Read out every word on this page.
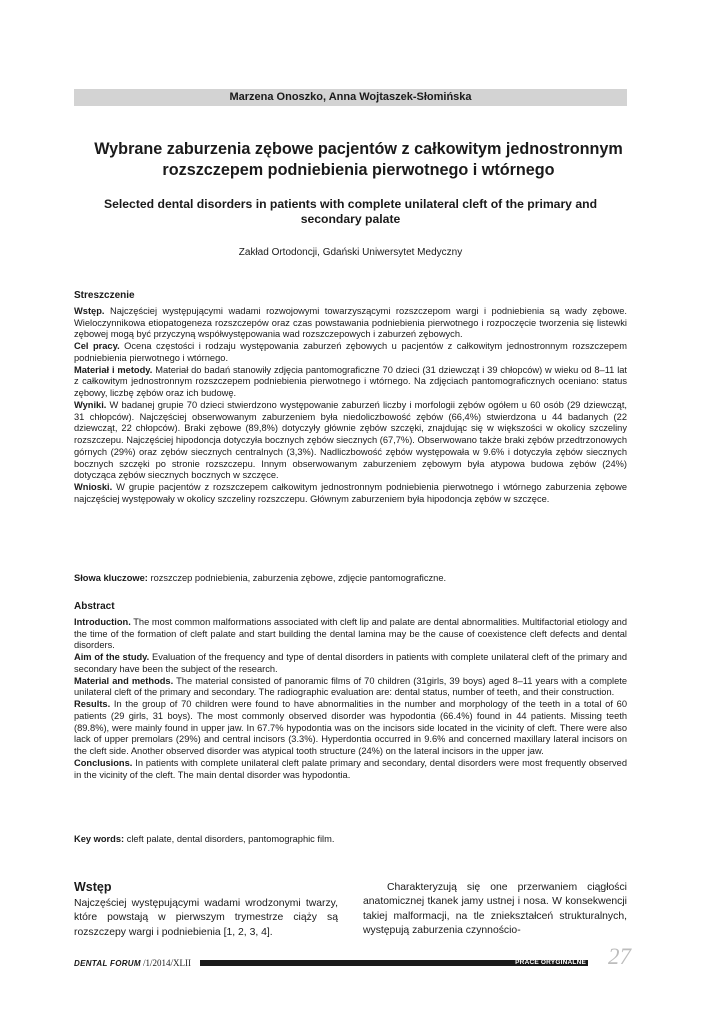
Marzena Onoszko, Anna Wojtaszek-Słomińska
Wybrane zaburzenia zębowe pacjentów z całkowitym jednostronnym
rozszczepem podniebienia pierwotnego i wtórnego
Selected dental disorders in patients with complete unilateral cleft of the primary and
secondary palate
Zakład Ortodoncji, Gdański Uniwersytet Medyczny

Streszczenie

Wstęp. Najczęściej występującymi wadami rozwojowymi towarzyszącymi rozszczepom wargi i podniebienia są wady zębowe. Wieloczynnikowa etiopatogeneza rozszczepów oraz czas powstawania podniebienia pierwotnego i rozpoczęcie tworzenia się listewki zębowej mogą być przyczyną współwystępowania wad rozszczepowych i zaburzeń zębowych.

Cel pracy. Ocena częstości i rodzaju występowania zaburzeń zębowych u pacjentów z całkowitym jednostronnym rozszczepem podniebienia pierwotnego i wtórnego.

Materiał i metody. Materiał do badań stanowiły zdjęcia pantomograficzne 70 dzieci (31 dziewcząt i 39 chłopców) w wieku od 8–11 lat z całkowitym jednostronnym rozszczepem podniebienia pierwotnego i wtórnego. Na zdjęciach pantomograficznych oceniano: status zębowy, liczbę zębów oraz ich budowę.

Wyniki. W badanej grupie 70 dzieci stwierdzono występowanie zaburzeń liczby i morfologii zębów ogółem u 60 osób (29 dziewcząt, 31 chłopców). Najczęściej obserwowanym zaburzeniem była niedoliczbowość zębów (66,4%) stwierdzona u 44 badanych (22 dziewcząt, 22 chłopców). Braki zębowe (89,8%) dotyczyły głównie zębów szczęki, znajdując się w większości w okolicy szczeliny rozszczepu. Najczęściej hipodoncja dotyczyła bocznych zębów siecznych (67,7%). Obserwowano także braki zębów przedtrzonowych górnych (29%) oraz zębów siecznych centralnych (3,3%). Nadliczbowość zębów występowała w 9.6% i dotyczyła zębów siecznych bocznych szczęki po stronie rozszczepu. Innym obserwowanym zaburzeniem zębowym była atypowa budowa zębów (24%) dotycząca zębów siecznych bocznych w szczęce.

Wnioski. W grupie pacjentów z rozszczepem całkowitym jednostronnym podniebienia pierwotnego i wtórnego zaburzenia zębowe najczęściej występowały w okolicy szczeliny rozszczepu. Głównym zaburzeniem była hipodoncja zębów w szczęce.

Słowa kluczowe: rozszczep podniebienia, zaburzenia zębowe, zdjęcie pantomograficzne.

Abstract

Introduction. The most common malformations associated with cleft lip and palate are dental abnormalities. Multifactorial etiology and the time of the formation of cleft palate and start building the dental lamina may be the cause of coexistence cleft defects and dental disorders.

Aim of the study. Evaluation of the frequency and type of dental disorders in patients with complete unilateral cleft of the primary and secondary have been the subject of the research.

Material and methods. The material consisted of panoramic films of 70 children (31girls, 39 boys) aged 8–11 years with a complete unilateral cleft of the primary and secondary. The radiographic evaluation are: dental status, number of teeth, and their construction.

Results. In the group of 70 children were found to have abnormalities in the number and morphology of the teeth in a total of 60 patients (29 girls, 31 boys). The most commonly observed disorder was hypodontia (66.4%) found in 44 patients. Missing teeth (89.8%), were mainly found in upper jaw. In 67.7% hypodontia was on the incisors side located in the vicinity of cleft. There were also lack of upper premolars (29%) and central incisors (3.3%). Hyperdontia occurred in 9.6% and concerned maxillary lateral incisors on the cleft side. Another observed disorder was atypical tooth structure (24%) on the lateral incisors in the upper jaw.

Conclusions. In patients with complete unilateral cleft palate primary and secondary, dental disorders were most frequently observed in the vicinity of the cleft. The main dental disorder was hypodontia.

Key words: cleft palate, dental disorders, pantomographic film.

Wstęp

Najczęściej występującymi wadami wrodzonymi twarzy, które powstają w pierwszym trymestrze ciąży są rozszczepy wargi i podniebienia [1, 2, 3, 4].

Charakteryzują się one przerwaniem ciągłości anatomicznej tkanek jamy ustnej i nosa. W konsekwencji takiej malformacji, na tle zniekształceń strukturalnych, występują zaburzenia czynnościo-

DENTAL FORUM /1/2014/XLII	PRACE ORYGINALNE 27
